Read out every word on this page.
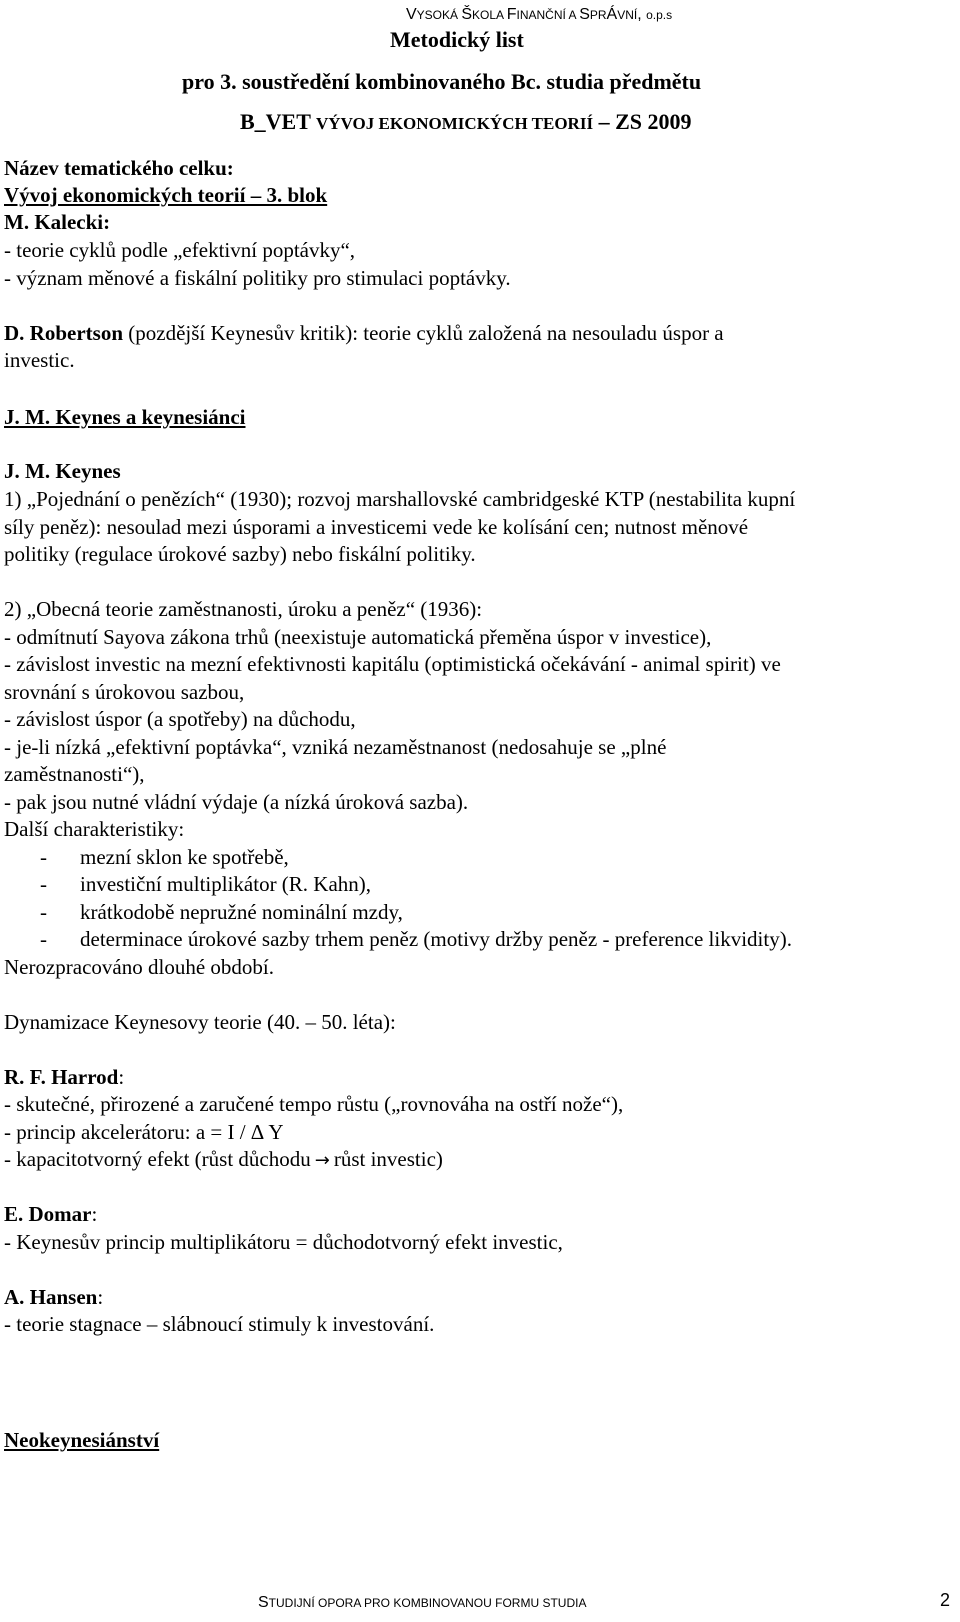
VYSOKÁ ŠKOLA FINANČNÍ A SPRÁVNÍ, o.p.s
Metodický list
pro 3. soustředění kombinovaného Bc. studia předmětu
B_VET VÝVOJ EKONOMICKÝCH TEORIÍ – ZS 2009
Název tematického celku:
Vývoj ekonomických teorií – 3. blok
M. Kalecki:
- teorie cyklů podle „efektivní poptávky“,
- význam měnové a fiskální politiky pro stimulaci poptávky.
D. Robertson (pozdější Keynesův kritik): teorie cyklů založená na nesouladu úspor a
investic.
J. M. Keynes a keynesiánci
J. M. Keynes
1) „Pojednání o penězích“ (1930); rozvoj marshallovské cambridgeské KTP (nestabilita kupní
síly peněz): nesoulad mezi úsporami a investicemi vede ke kolísání cen; nutnost měnové
politiky (regulace úrokové sazby) nebo fiskální politiky.
2) „Obecná teorie zaměstnanosti, úroku a peněz“ (1936):
- odmítnutí Sayova zákona trhů (neexistuje automatická přeměna úspor v investice),
- závislost investic na mezní efektivnosti kapitálu (optimistická očekávání - animal spirit) ve
srovnání s úrokovou sazbou,
- závislost úspor (a spotřeby) na důchodu,
- je-li nízká „efektivní poptávka“, vzniká nezaměstnanost (nedosahuje se „plné
zaměstnanosti“),
- pak jsou nutné vládní výdaje (a nízká úroková sazba).
Další charakteristiky:
- mezní sklon ke spotřebě,
- investiční multiplikátor (R. Kahn),
- krátkodobě nepružné nominální mzdy,
- determinace úrokové sazby trhem peněz (motivy držby peněz - preference likvidity).
Nerozpracováno dlouhé období.
Dynamizace Keynesovy teorie (40. – 50. léta):
R. F. Harrod:
- skutečné, přirozené a zaručené tempo růstu („rovnováha na ostří nože“),
- princip akcelerátoru: a = I / Δ Y
- kapacitotvorný efekt (růst důchodu → růst investic)
E. Domar:
- Keynesův princip multiplikátoru = důchodotvorný efekt investic,
A. Hansen:
- teorie stagnace – slábnoucí stimuly k investování.
Neokeynesiánství
STUDIJNÍ OPORA PRO KOMBINOVANOU FORMU STUDIA	2
